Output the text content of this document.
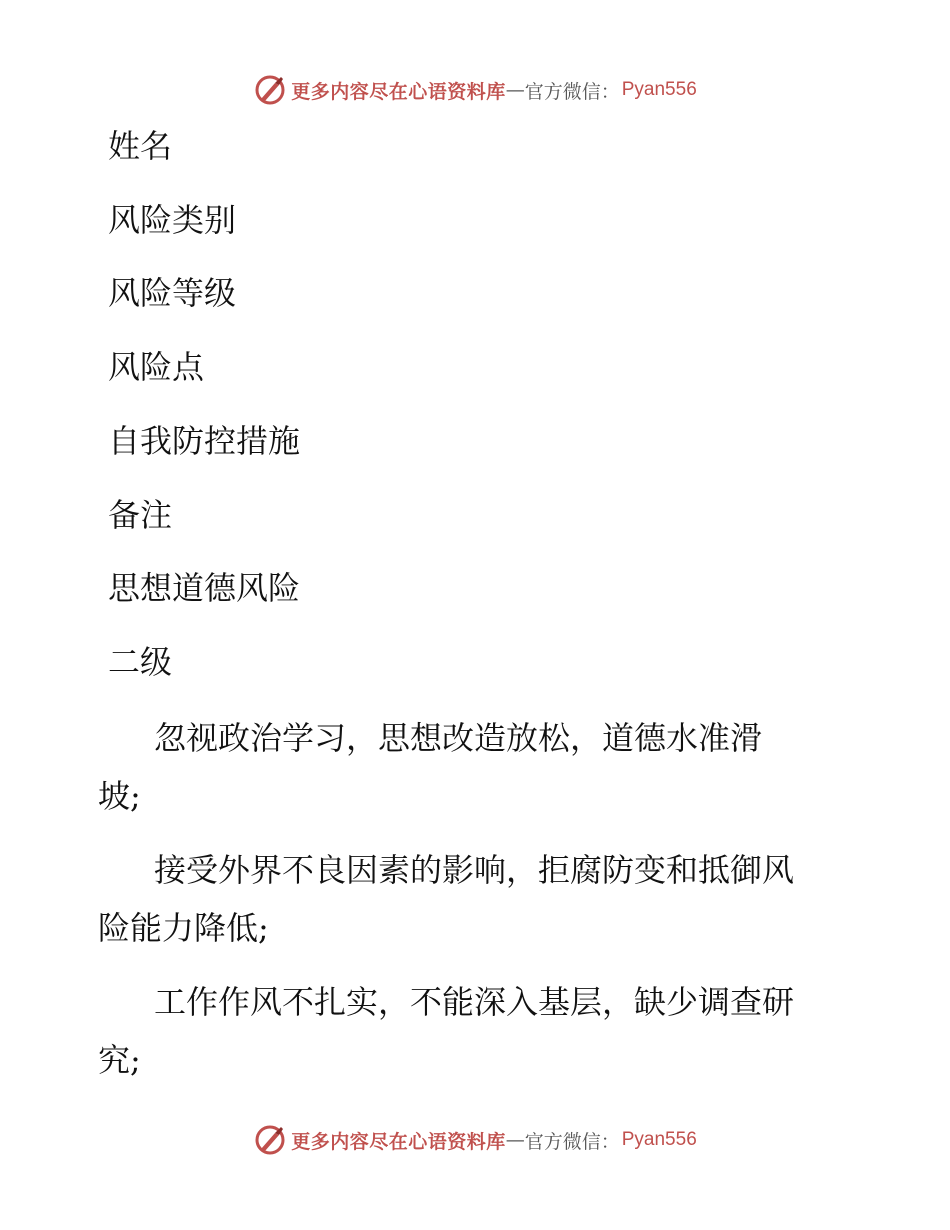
更多内容尽在心语资料库 — 官方微信： Pyan556
姓名
风险类别
风险等级
风险点
自我防控措施
备注
思想道德风险
二级
忽视政治学习，思想改造放松，道德水准滑
坡;
接受外界不良因素的影响，拒腐防变和抵御风
险能力降低;
工作作风不扎实，不能深入基层，缺少调查研
究;
更多内容尽在心语资料库 — 官方微信： Pyan556
